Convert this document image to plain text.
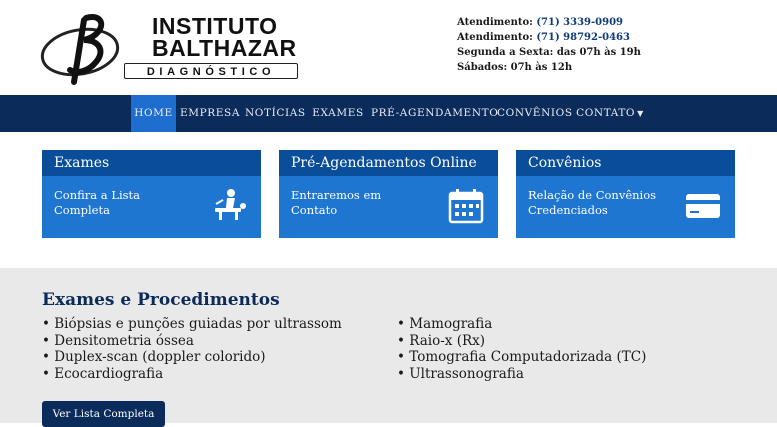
INSTITUTO
BALTHAZAR
DIAGNÓSTICO
Atendimento: (71) 3339-0909
Atendimento: (71) 98792-0463
Segunda a Sexta: das 07h às 19h
Sábados: 07h às 12h
HOME EMPRESA NOTÍCIAS EXAMES PRÉ-AGENDAMENTO
CONVÊNIOS CONTATO ▼
Exames
Confira a Lista Completa
Pré-Agendamentos Online
Entraremos em Contato
Convênios
Relação de Convênios Credenciados
Exames e Procedimentos
• Biópsias e punções guiadas por ultrassom
• Densitometria óssea
• Duplex-scan (doppler colorido)
• Ecocardiografia
• Mamografia
• Raio-x (Rx)
• Tomografia Computadorizada (TC)
• Ultrassonografia
Ver Lista Completa
